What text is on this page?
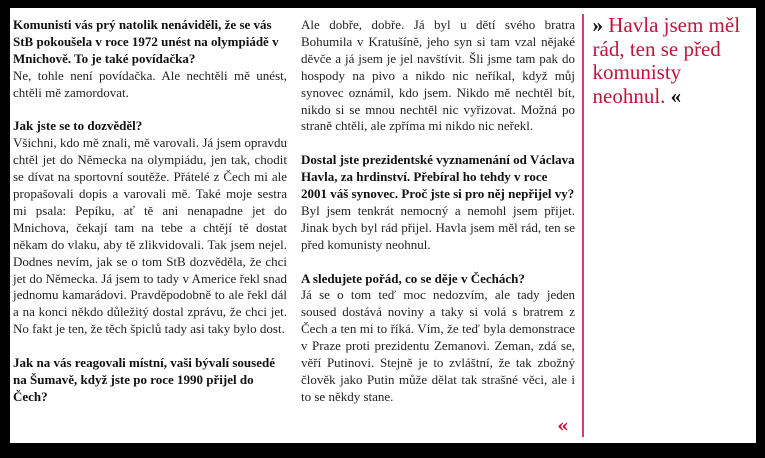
Komunisti vás prý natolik nenáviděli, že se vás StB pokoušela v roce 1972 unést na olympiádě v Mnichově. To je také povídačka?

Ne, tohle není povídačka. Ale nechtěli mě unést, chtěli mě zamordovat.

Jak jste se to dozvěděl?

Všichni, kdo mě znali, mě varovali. Já jsem opravdu chtěl jet do Německa na olympiádu, jen tak, chodit se dívat na sportovní soutěže. Přátelé z Čech mi ale propašovali dopis a varovali mě. Také moje sestra mi psala: Pepíku, ať tě ani nenapadne jet do Mnichova, čekají tam na tebe a chtějí tě dostat někam do vlaku, aby tě zlikvidovali. Tak jsem nejel. Dodnes nevím, jak se o tom StB dozvěděla, že chci jet do Německa. Já jsem to tady v Americe řekl snad jednomu kamarádovi. Pravděpodobně to ale řekl dál a na konci někdo důležitý dostal zprávu, že chci jet. No fakt je ten, že těch špiclů tady asi taky bylo dost.

Jak na vás reagovali místní, vaši bývalí sousedé na Šumavě, když jste po roce 1990 přijel do Čech?

Ale dobře, dobře. Já byl u dětí svého bratra Bohumila v Kratušíně, jeho syn si tam vzal nějaké děvče a já jsem je jel navštívit. Šli jsme tam pak do hospody na pivo a nikdo nic neříkal, když můj synovec oznámil, kdo jsem. Nikdo mě nechtěl bít, nikdo si se mnou nechtěl nic vyřizovat. Možná po straně chtěli, ale zpříma mi nikdo nic neřekl.

Dostal jste prezidentské vyznamenání od Václava Havla, za hrdinství. Přebíral ho tehdy v roce 2001 váš synovec. Proč jste si pro něj nepřijel vy?

Byl jsem tenkrát nemocný a nemohl jsem přijet. Jinak bych byl rád přijel. Havla jsem měl rád, ten se před komunisty neohnul.

A sledujete pořád, co se děje v Čechách?

Já se o tom teď moc nedozvím, ale tady jeden soused dostává noviny a taky si volá s bratrem z Čech a ten mi to říká. Vím, že teď byla demonstrace v Praze proti prezidentu Zemanovi. Zeman, zdá se, věří Putinovi. Stejně je to zvláštní, že tak zbožný člověk jako Putin může dělat tak strašné věci, ale i to se někdy stane.

«
» Havla jsem měl rád, ten se před komunisty neohnul. «
